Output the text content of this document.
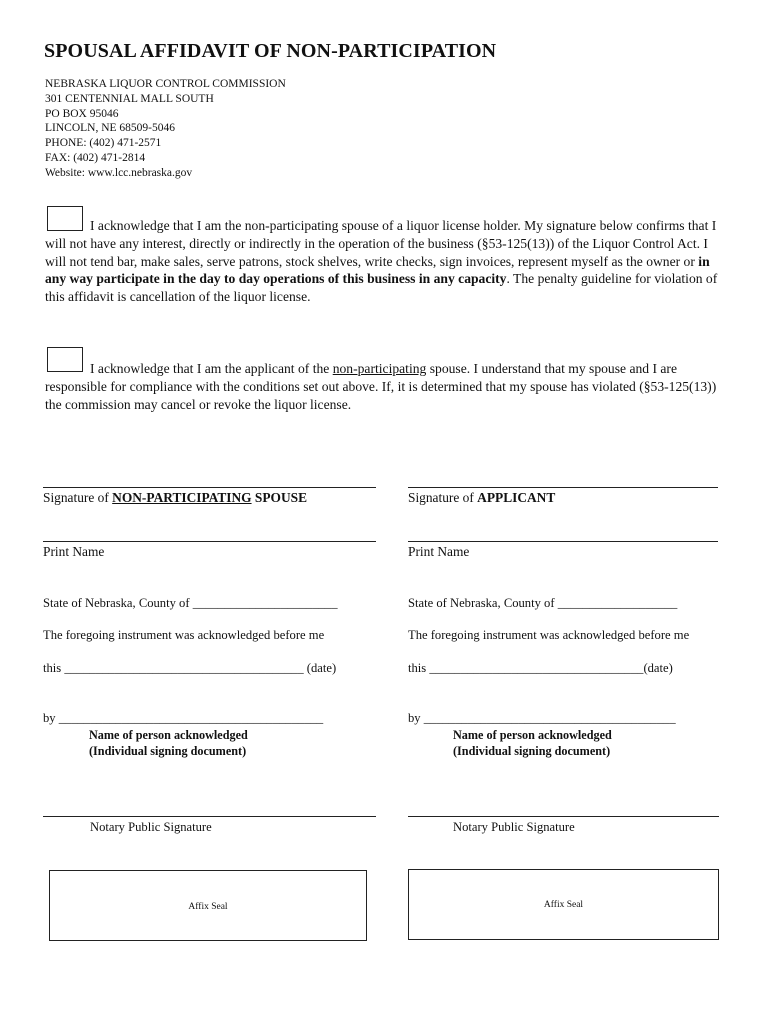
SPOUSAL AFFIDAVIT OF NON-PARTICIPATION
NEBRASKA LIQUOR CONTROL COMMISSION
301 CENTENNIAL MALL SOUTH
PO BOX 95046
LINCOLN, NE 68509-5046
PHONE: (402) 471-2571
FAX: (402) 471-2814
Website: www.lcc.nebraska.gov
I acknowledge that I am the non-participating spouse of a liquor license holder. My signature below confirms that I will not have any interest, directly or indirectly in the operation of the business (§53-125(13)) of the Liquor Control Act. I will not tend bar, make sales, serve patrons, stock shelves, write checks, sign invoices, represent myself as the owner or in any way participate in the day to day operations of this business in any capacity. The penalty guideline for violation of this affidavit is cancellation of the liquor license.
I acknowledge that I am the applicant of the non-participating spouse. I understand that my spouse and I are responsible for compliance with the conditions set out above. If, it is determined that my spouse has violated (§53-125(13)) the commission may cancel or revoke the liquor license.
Signature of NON-PARTICIPATING SPOUSE	Signature of APPLICANT
Print Name	Print Name
State of Nebraska, County of _______________________	State of Nebraska, County of ___________________
The foregoing instrument was acknowledged before me	The foregoing instrument was acknowledged before me
this ______________________________________ (date)	this __________________________________(date)
by __________________________________________	by ________________________________________
Name of person acknowledged
(Individual signing document)
Name of person acknowledged
(Individual signing document)
Notary Public Signature	Notary Public Signature
Affix Seal	Affix Seal
